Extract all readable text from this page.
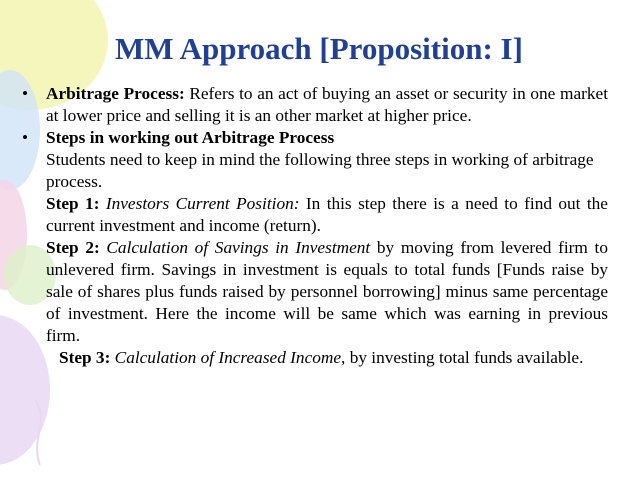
MM Approach [Proposition: I]
• Arbitrage Process: Refers to an act of buying an asset or security in one market at lower price and selling it is an other market at higher price.
• Steps in working out Arbitrage Process
Students need to keep in mind the following three steps in working of arbitrage process.
Step 1: Investors Current Position: In this step there is a need to find out the current investment and income (return).
Step 2: Calculation of Savings in Investment by moving from levered firm to unlevered firm. Savings in investment is equals to total funds [Funds raise by sale of shares plus funds raised by personnel borrowing] minus same percentage of investment. Here the income will be same which was earning in previous firm.
Step 3: Calculation of Increased Income, by investing total funds available.
